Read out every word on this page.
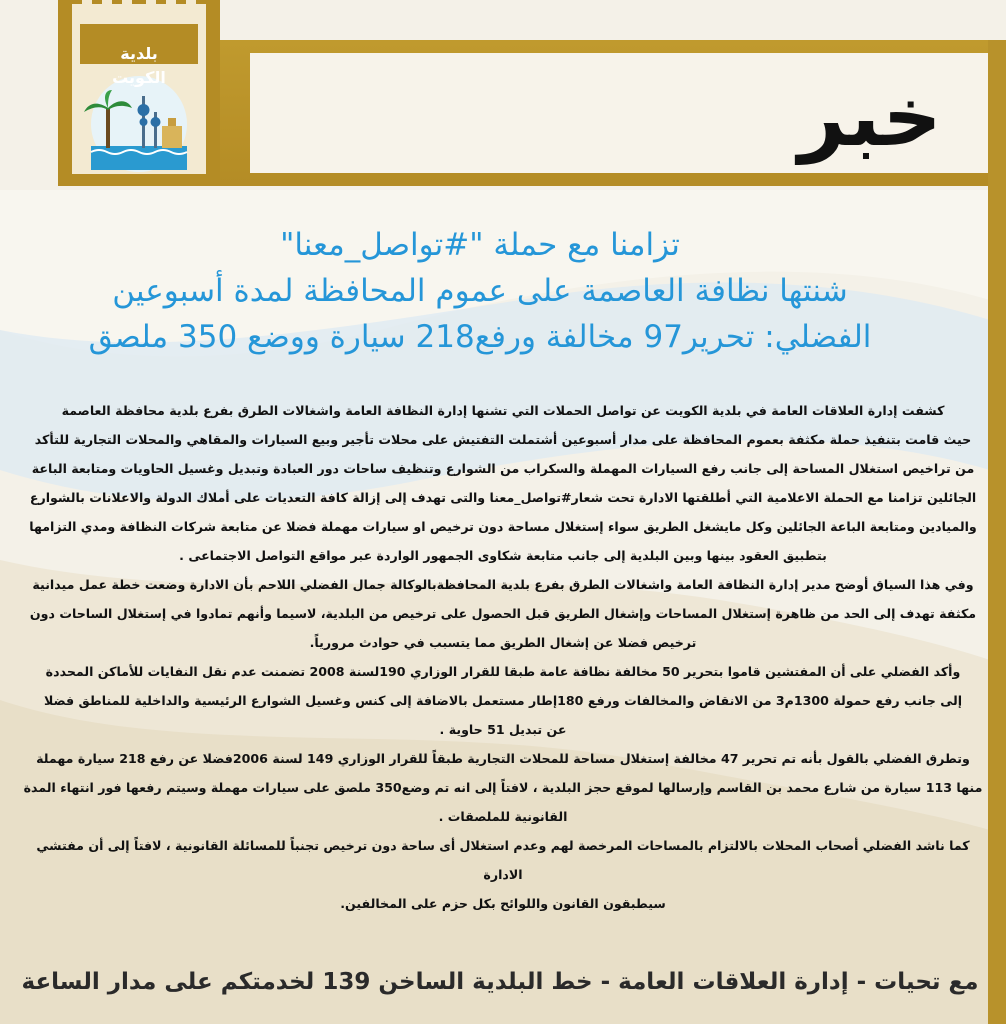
خبر
بلدية الكويت
تزامنا مع حملة "#تواصل_معنا"
شنتها نظافة العاصمة على عموم المحافظة لمدة أسبوعين
الفضلي: تحرير97 مخالفة ورفع218 سيارة ووضع 350 ملصق

كشفت إدارة العلاقات العامة في بلدية الكويت عن تواصل الحملات التي تشنها إدارة النظافة العامة واشغالات الطرق بفرع بلدية محافظة العاصمة

حيث قامت بتنفيذ حملة مكثفة بعموم المحافظة على مدار أسبوعين أشتملت التفتيش على محلات تأجير وبيع السيارات والمقاهي والمحلات التجارية للتأكد

من تراخيص استغلال المساحة إلى جانب رفع السيارات المهملة والسكراب من الشوارع وتنظيف ساحات دور العبادة وتبديل وغسيل الحاويات ومتابعة الباعة

الجائلين تزامنا مع الحملة الاعلامية التي أطلقتها الادارة تحت شعار#تواصل_معنا والتى تهدف إلى إزالة كافة التعديات على أملاك الدولة والاعلانات بالشوارع

والميادين ومتابعة الباعة الجائلين وكل مايشغل الطريق سواء إستغلال مساحة دون ترخيص او سيارات مهملة فضلا عن متابعة شركات النظافة ومدي التزامها

بتطبيق العقود بينها وبين البلدية إلى جانب متابعة شكاوى الجمهور الواردة عبر مواقع التواصل الاجتماعى .

وفي هذا السياق أوضح مدير إدارة النظافة العامة واشغالات الطرق بفرع بلدية المحافظةبالوكالة جمال الفضلي اللاحم بأن الادارة وضعت خطة عمل ميدانية

مكثفة تهدف إلى الحد من ظاهرة إستغلال المساحات وإشغال الطريق قبل الحصول على ترخيص من البلدية، لاسيما وأنهم تمادوا في إستغلال الساحات دون

ترخيص فضلا عن إشغال الطريق مما يتسبب في حوادث مرورياً.

وأكد الفضلي على أن المفتشين قاموا بتحرير 50 مخالفة نظافة عامة طبقا للقرار الوزاري 190لسنة 2008 تضمنت عدم نقل النفايات للأماكن المحددة

إلى جانب رفع حمولة 1300م3 من الانقاض والمخالفات ورفع 180إطار مستعمل بالاضافة إلى كنس وغسيل الشوارع الرئيسية والداخلية للمناطق فضلا

عن تبديل 51 حاوية .

وتطرق الفضلي بالقول بأنه تم تحرير 47 مخالفة إستغلال مساحة للمحلات التجارية طبقاً للقرار الوزاري 149 لسنة 2006فضلا عن رفع 218 سيارة مهملة

منها 113 سيارة من شارع محمد بن القاسم وإرسالها لموقع حجز البلدية ، لافتاً إلى انه تم وضع350 ملصق على سيارات مهملة وسيتم رفعها فور انتهاء المدة

القانونية للملصقات .

كما ناشد الفضلي أصحاب المحلات بالالتزام بالمساحات المرخصة لهم وعدم استغلال أى ساحة دون ترخيص تجنباً للمسائلة القانونية ، لافتاً إلى أن مفتشي الادارة

سيطبقون القانون واللوائح بكل حزم على المخالفين.

مع تحيات - إدارة العلاقات العامة - خط البلدية الساخن 139 لخدمتكم على مدار الساعة
